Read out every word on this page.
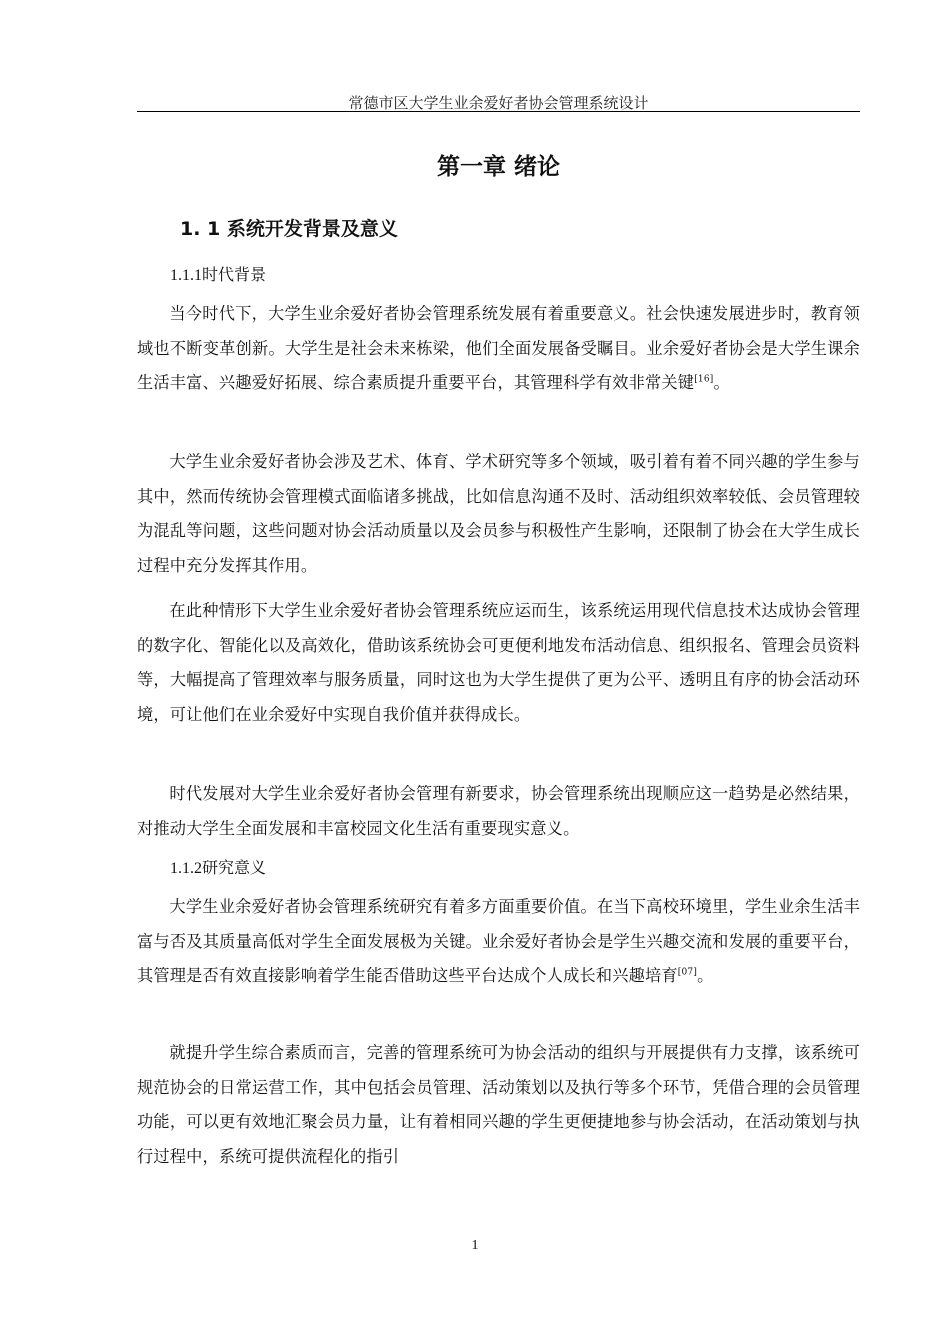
常德市区大学生业余爱好者协会管理系统设计
第一章 绪论
1. 1 系统开发背景及意义
1.1.1时代背景

当今时代下，大学生业余爱好者协会管理系统发展有着重要意义。社会快速发展进步时，教育领域也不断变革创新。大学生是社会未来栋梁，他们全面发展备受瞩目。业余爱好者协会是大学生课余生活丰富、兴趣爱好拓展、综合素质提升重要平台，其管理科学有效非常关键[16]。

大学生业余爱好者协会涉及艺术、体育、学术研究等多个领域，吸引着有着不同兴趣的学生参与其中，然而传统协会管理模式面临诸多挑战，比如信息沟通不及时、活动组织效率较低、会员管理较为混乱等问题，这些问题对协会活动质量以及会员参与积极性产生影响，还限制了协会在大学生成长过程中充分发挥其作用。

在此种情形下大学生业余爱好者协会管理系统应运而生，该系统运用现代信息技术达成协会管理的数字化、智能化以及高效化，借助该系统协会可更便利地发布活动信息、组织报名、管理会员资料等，大幅提高了管理效率与服务质量，同时这也为大学生提供了更为公平、透明且有序的协会活动环境，可让他们在业余爱好中实现自我价值并获得成长。

时代发展对大学生业余爱好者协会管理有新要求，协会管理系统出现顺应这一趋势是必然结果，对推动大学生全面发展和丰富校园文化生活有重要现实意义。

1.1.2研究意义

大学生业余爱好者协会管理系统研究有着多方面重要价值。在当下高校环境里，学生业余生活丰富与否及其质量高低对学生全面发展极为关键。业余爱好者协会是学生兴趣交流和发展的重要平台，其管理是否有效直接影响着学生能否借助这些平台达成个人成长和兴趣培育[07]。

就提升学生综合素质而言，完善的管理系统可为协会活动的组织与开展提供有力支撑，该系统可规范协会的日常运营工作，其中包括会员管理、活动策划以及执行等多个环节，凭借合理的会员管理功能，可以更有效地汇聚会员力量，让有着相同兴趣的学生更便捷地参与协会活动，在活动策划与执行过程中，系统可提供流程化的指引

1
